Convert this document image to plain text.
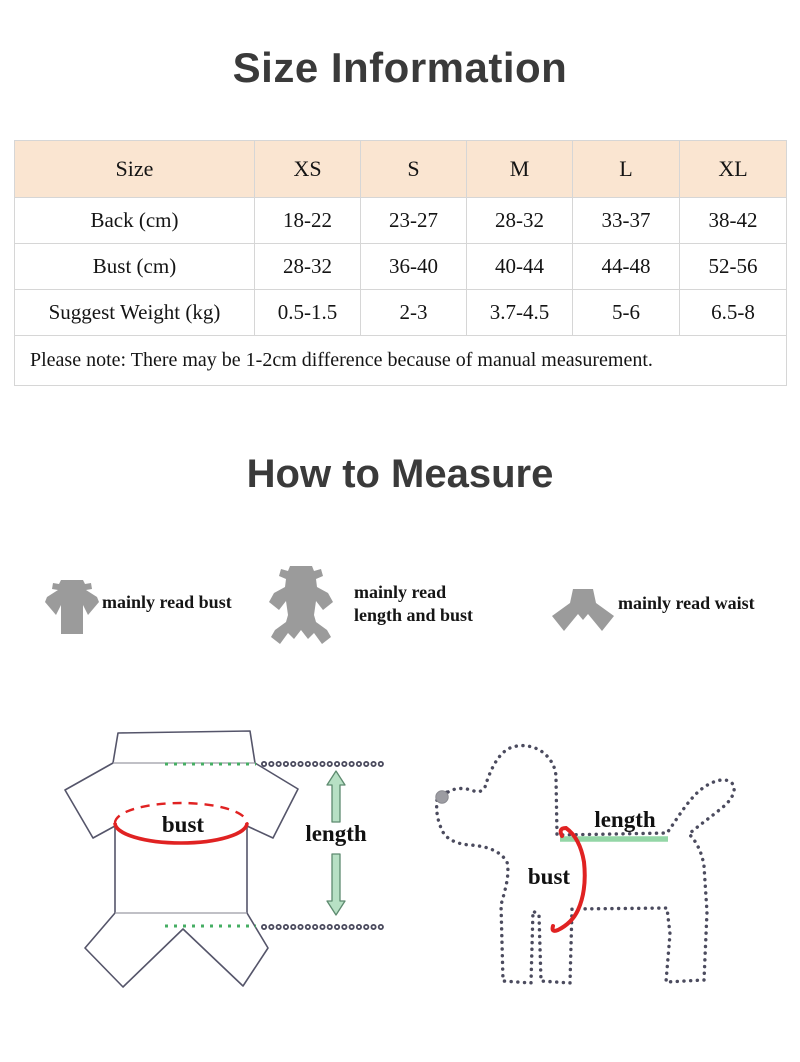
Size Information
Size	XS	S	M	L	XL
Back (cm)	18-22	23-27	28-32	33-37	38-42
Bust (cm)	28-32	36-40	40-44	44-48	52-56
Suggest Weight (kg)	0.5-1.5	2-3	3.7-4.5	5-6	6.5-8
Please note: There may be 1-2cm difference because of manual measurement.					
How to Measure
mainly read bust	mainly read
length and bust
mainly read waist
bust	length
length
bust
